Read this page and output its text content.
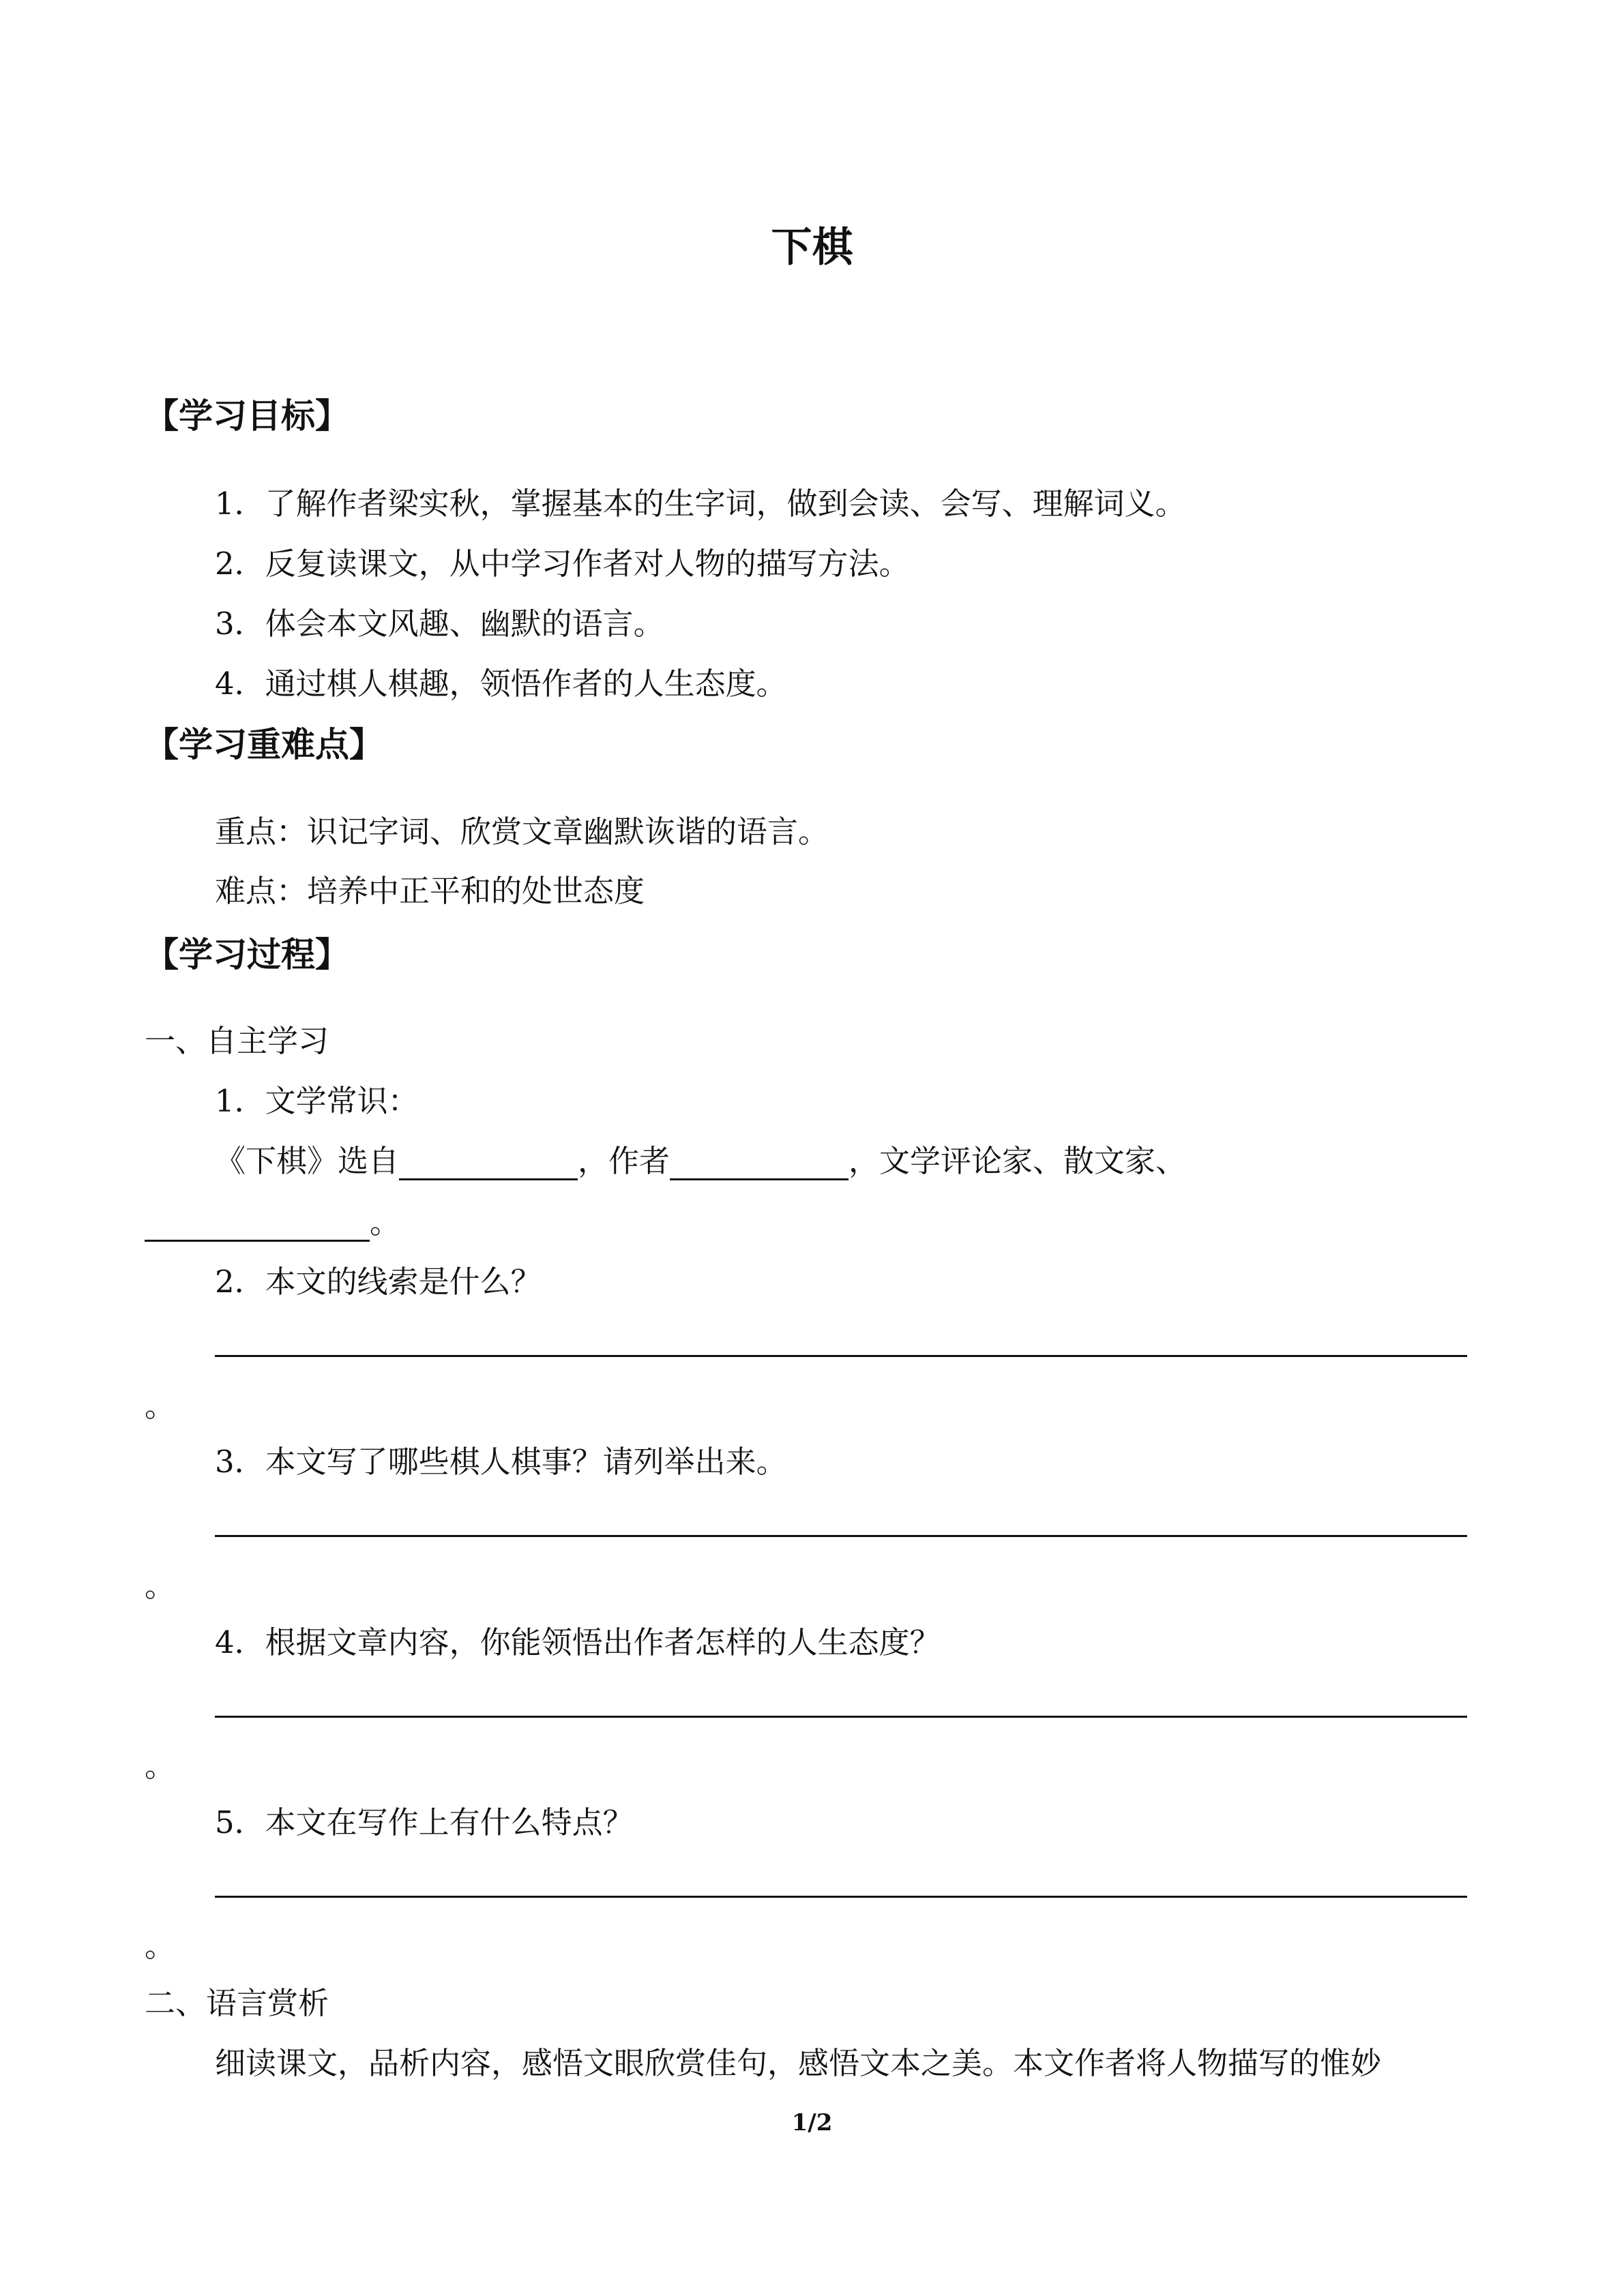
下棋
【学习目标】
1．了解作者梁实秋，掌握基本的生字词，做到会读、会写、理解词义。
2．反复读课文，从中学习作者对人物的描写方法。
3．体会本文风趣、幽默的语言。
4．通过棋人棋趣，领悟作者的人生态度。
【学习重难点】
重点：识记字词、欣赏文章幽默诙谐的语言。
难点：培养中正平和的处世态度
【学习过程】
一、自主学习
1．文学常识：
《下棋》选自	，作者	，文学评论家、散文家、
。
2．本文的线索是什么？
。
3．本文写了哪些棋人棋事？请列举出来。
。
4．根据文章内容，你能领悟出作者怎样的人生态度？
。
5．本文在写作上有什么特点？
。
二、语言赏析
细读课文，品析内容，感悟文眼欣赏佳句，感悟文本之美。本文作者将人物描写的惟妙
1/2
